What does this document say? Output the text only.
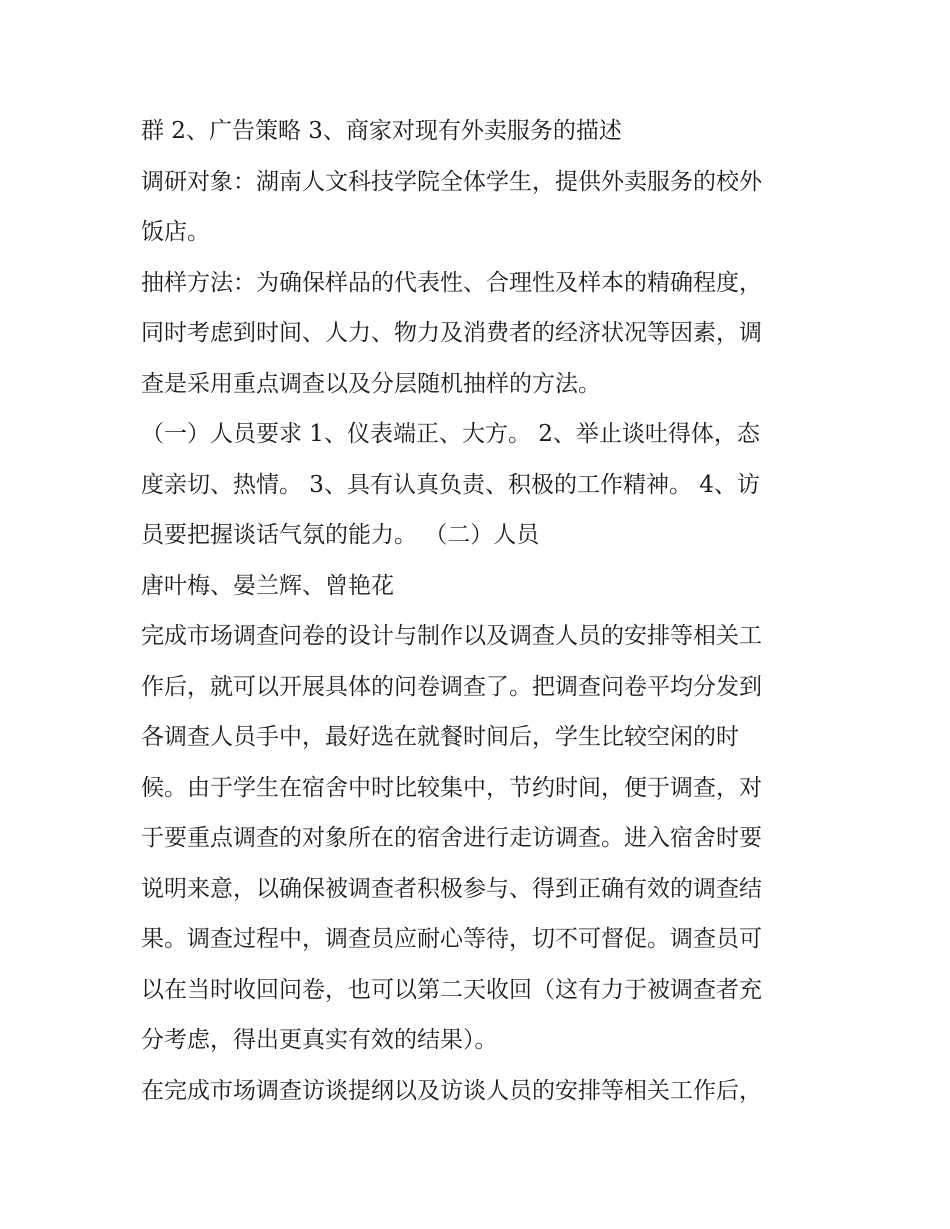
群 2、广告策略 3、商家对现有外卖服务的描述

调研对象：湖南人文科技学院全体学生，提供外卖服务的校外
饭店。

抽样方法：为确保样品的代表性、合理性及样本的精确程度，
同时考虑到时间、人力、物力及消费者的经济状况等因素，调
查是采用重点调查以及分层随机抽样的方法。

（一）人员要求 1、仪表端正、大方。 2、举止谈吐得体，态
度亲切、热情。 3、具有认真负责、积极的工作精神。 4、访
员要把握谈话气氛的能力。 （二）人员

唐叶梅、晏兰辉、曾艳花

完成市场调查问卷的设计与制作以及调查人员的安排等相关工
作后，就可以开展具体的问卷调查了。把调查问卷平均分发到
各调查人员手中，最好选在就餐时间后，学生比较空闲的时
候。由于学生在宿舍中时比较集中，节约时间，便于调查，对
于要重点调查的对象所在的宿舍进行走访调查。进入宿舍时要
说明来意，以确保被调查者积极参与、得到正确有效的调查结
果。调查过程中，调查员应耐心等待，切不可督促。调查员可
以在当时收回问卷，也可以第二天收回（这有力于被调查者充
分考虑，得出更真实有效的结果）。

在完成市场调查访谈提纲以及访谈人员的安排等相关工作后，
